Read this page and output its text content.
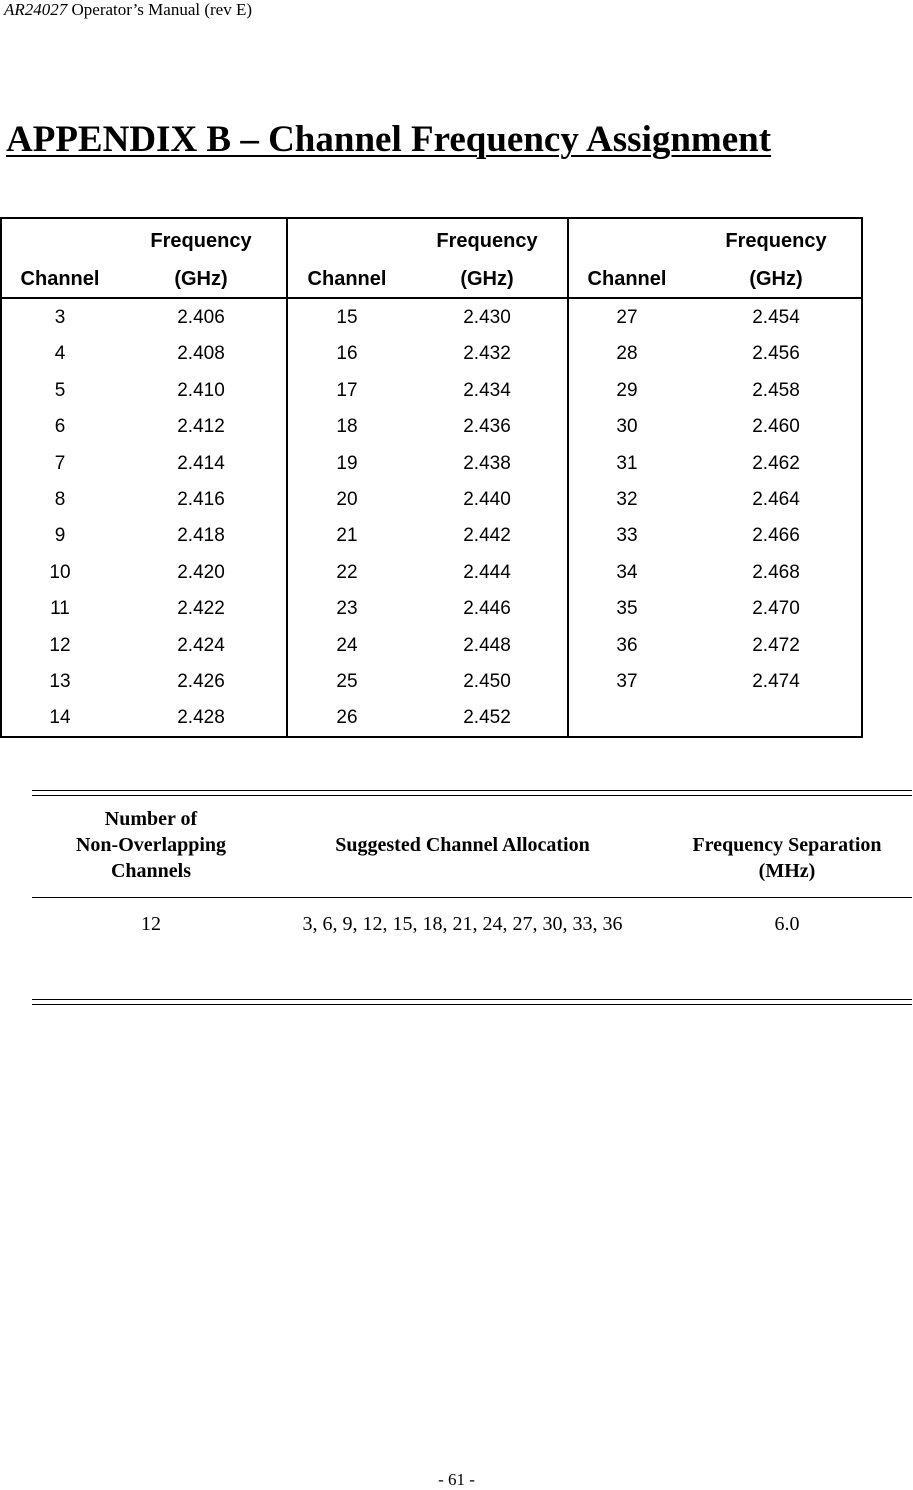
AR24027 Operator’s Manual (rev E)
APPENDIX B – Channel Frequency Assignment
Frequency
Channel	(GHz)
3	2.406
4	2.408
5	2.410
6	2.412
7	2.414
8	2.416
9	2.418
10	2.420
11	2.422
12	2.424
13	2.426
14	2.428
Frequency
Channel	(GHz)
15	2.430
16	2.432
17	2.434
18	2.436
19	2.438
20	2.440
21	2.442
22	2.444
23	2.446
24	2.448
25	2.450
26	2.452
Frequency
Channel	(GHz)
27	2.454
28	2.456
29	2.458
30	2.460
31	2.462
32	2.464
33	2.466
34	2.468
35	2.470
36	2.472
37	2.474
Number of
Non-Overlapping
Channels
Suggested Channel Allocation	Frequency Separation
(MHz)
12	3, 6, 9, 12, 15, 18, 21, 24, 27, 30, 33, 36	6.0
- 61 -
